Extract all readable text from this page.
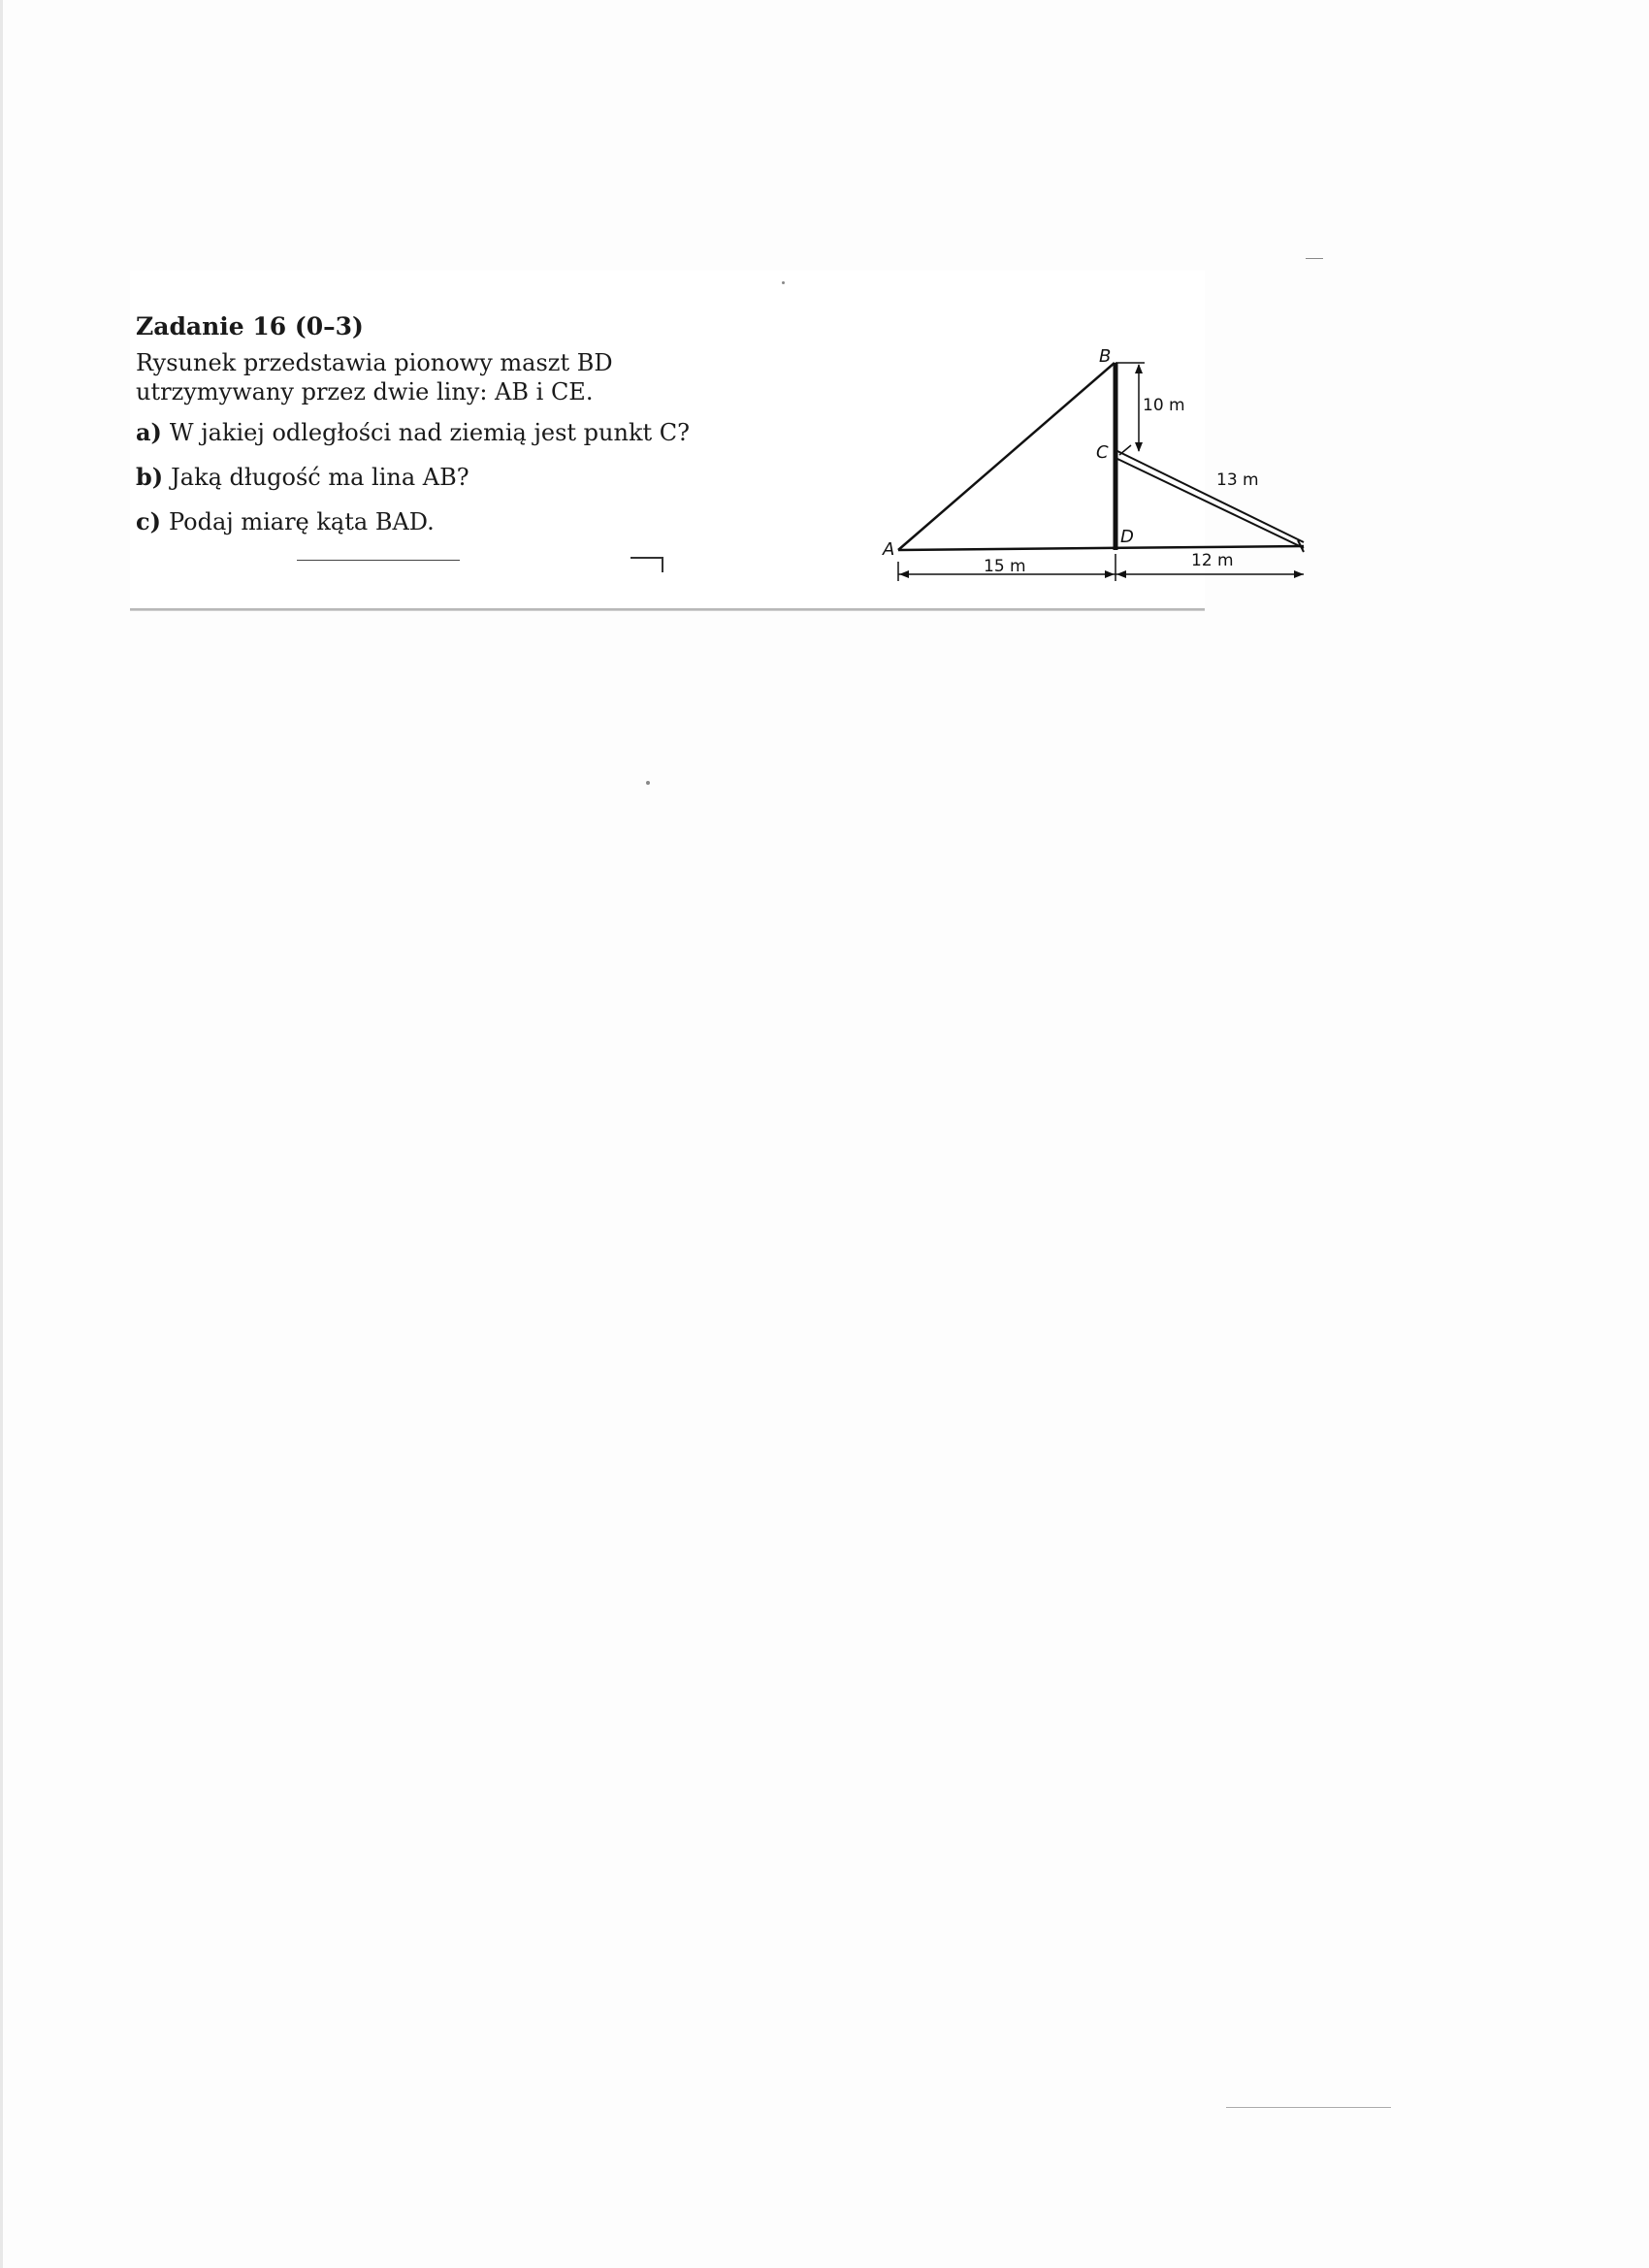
Zadanie 16 (0–3)
Rysunek przedstawia pionowy maszt BD
utrzymywany przez dwie liny: AB i CE.
a) W jakiej odległości nad ziemią jest punkt C?
b) Jaką długość ma lina AB?
c) Podaj miarę kąta BAD.
B
C
D
A
10 m
13 m
15 m	12 m
